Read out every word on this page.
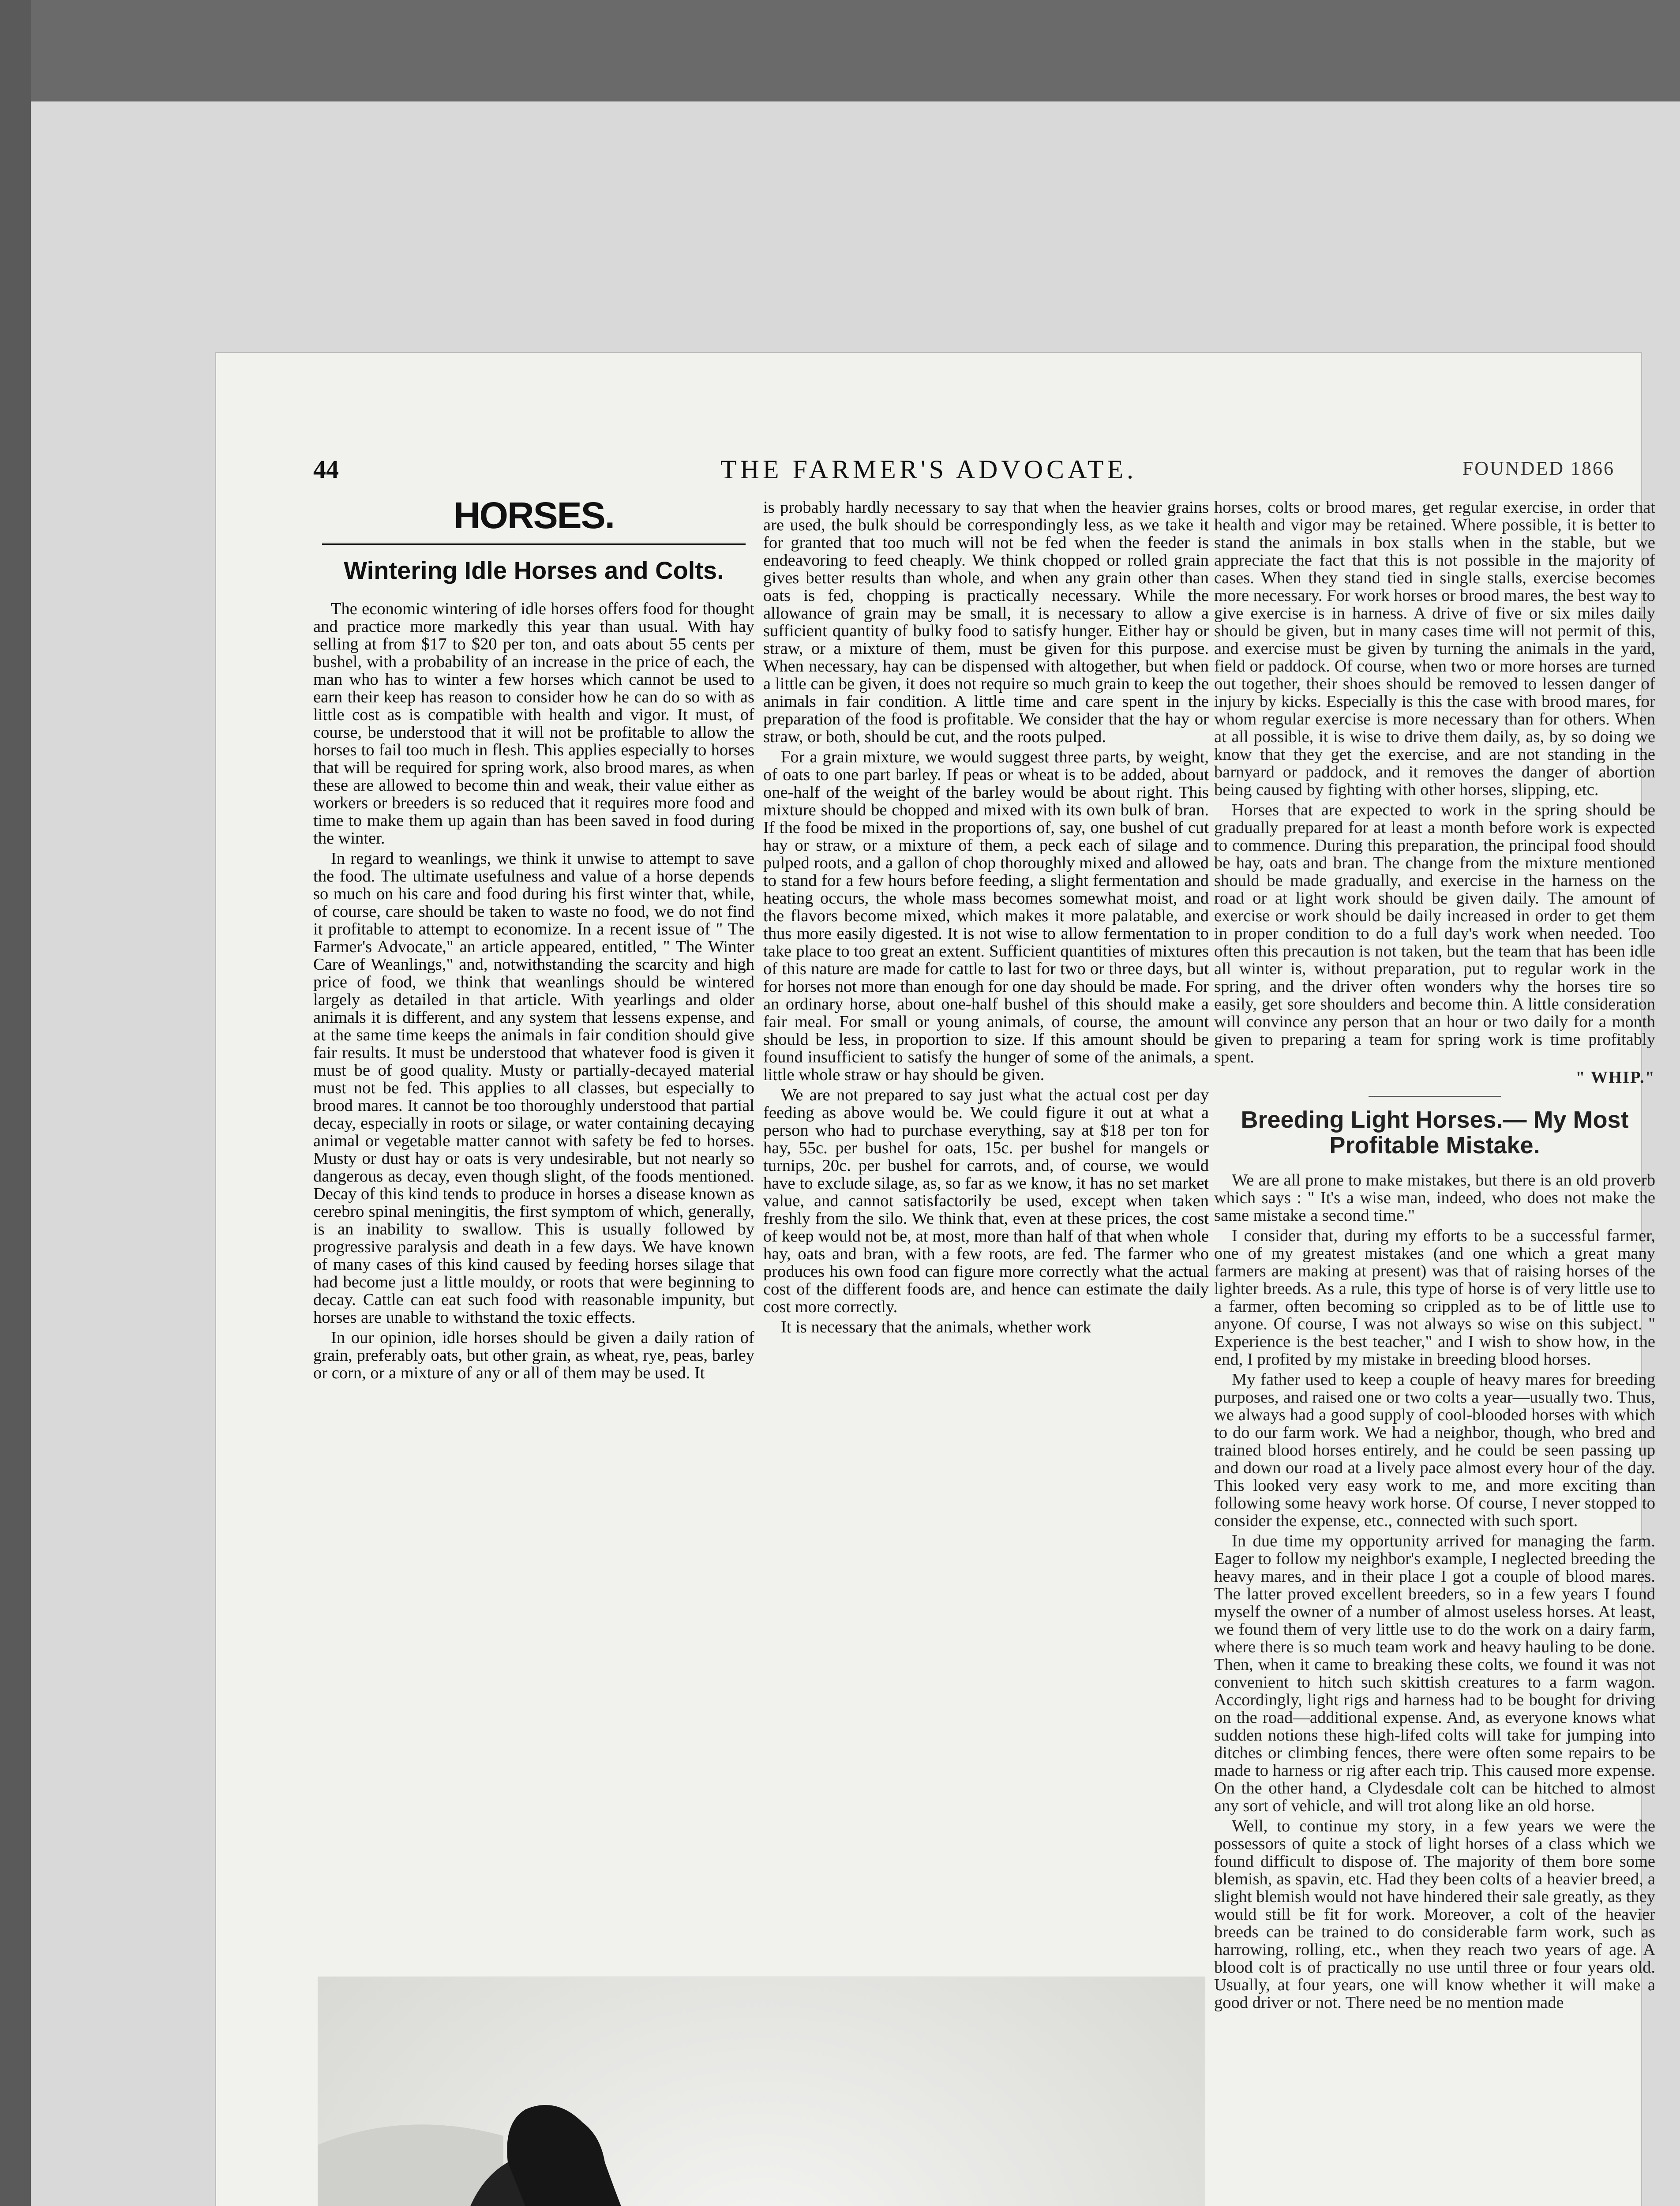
THE FARMER'S ADVOCATE.
44	FOUNDED 1866
HORSES.
Wintering Idle Horses and Colts.

The economic wintering of idle horses offers food for thought and practice more markedly this year than usual. With hay selling at from $17 to $20 per ton, and oats about 55 cents per bushel, with a probability of an increase in the price of each, the man who has to winter a few horses which cannot be used to earn their keep has reason to consider how he can do so with as little cost as is compatible with health and vigor. It must, of course, be understood that it will not be profitable to allow the horses to fail too much in flesh. This applies especially to horses that will be required for spring work, also brood mares, as when these are allowed to become thin and weak, their value either as workers or breeders is so reduced that it requires more food and time to make them up again than has been saved in food during the winter.

In regard to weanlings, we think it unwise to attempt to save the food. The ultimate usefulness and value of a horse depends so much on his care and food during his first winter that, while, of course, care should be taken to waste no food, we do not find it profitable to attempt to economize. In a recent issue of " The Farmer's Advocate," an article appeared, entitled, " The Winter Care of Weanlings," and, notwithstanding the scarcity and high price of food, we think that weanlings should be wintered largely as detailed in that article. With yearlings and older animals it is different, and any system that lessens expense, and at the same time keeps the animals in fair condition should give fair results. It must be understood that whatever food is given it must be of good quality. Musty or partially-decayed material must not be fed. This applies to all classes, but especially to brood mares. It cannot be too thoroughly understood that partial decay, especially in roots or silage, or water containing decaying animal or vegetable matter cannot with safety be fed to horses. Musty or dust hay or oats is very undesirable, but not nearly so dangerous as decay, even though slight, of the foods mentioned. Decay of this kind tends to produce in horses a disease known as cerebro spinal meningitis, the first symptom of which, generally, is an inability to swallow. This is usually followed by progressive paralysis and death in a few days. We have known of many cases of this kind caused by feeding horses silage that had become just a little mouldy, or roots that were beginning to decay. Cattle can eat such food with reasonable impunity, but horses are unable to withstand the toxic effects.

In our opinion, idle horses should be given a daily ration of grain, preferably oats, but other grain, as wheat, rye, peas, barley or corn, or a mixture of any or all of them may be used. It

is probably hardly necessary to say that when the heavier grains are used, the bulk should be correspondingly less, as we take it for granted that too much will not be fed when the feeder is endeavoring to feed cheaply. We think chopped or rolled grain gives better results than whole, and when any grain other than oats is fed, chopping is practically necessary. While the allowance of grain may be small, it is necessary to allow a sufficient quantity of bulky food to satisfy hunger. Either hay or straw, or a mixture of them, must be given for this purpose. When necessary, hay can be dispensed with altogether, but when a little can be given, it does not require so much grain to keep the animals in fair condition. A little time and care spent in the preparation of the food is profitable. We consider that the hay or straw, or both, should be cut, and the roots pulped.

For a grain mixture, we would suggest three parts, by weight, of oats to one part barley. If peas or wheat is to be added, about one-half of the weight of the barley would be about right. This mixture should be chopped and mixed with its own bulk of bran. If the food be mixed in the proportions of, say, one bushel of cut hay or straw, or a mixture of them, a peck each of silage and pulped roots, and a gallon of chop thoroughly mixed and allowed to stand for a few hours before feeding, a slight fermentation and heating occurs, the whole mass becomes somewhat moist, and the flavors become mixed, which makes it more palatable, and thus more easily digested. It is not wise to allow fermentation to take place to too great an extent. Sufficient quantities of mixtures of this nature are made for cattle to last for two or three days, but for horses not more than enough for one day should be made. For an ordinary horse, about one-half bushel of this should make a fair meal. For small or young animals, of course, the amount should be less, in proportion to size. If this amount should be found insufficient to satisfy the hunger of some of the animals, a little whole straw or hay should be given.

We are not prepared to say just what the actual cost per day feeding as above would be. We could figure it out at what a person who had to purchase everything, say at $18 per ton for hay, 55c. per bushel for oats, 15c. per bushel for mangels or turnips, 20c. per bushel for carrots, and, of course, we would have to exclude silage, as, so far as we know, it has no set market value, and cannot satisfactorily be used, except when taken freshly from the silo. We think that, even at these prices, the cost of keep would not be, at most, more than half of that when whole hay, oats and bran, with a few roots, are fed. The farmer who produces his own food can figure more correctly what the actual cost of the different foods are, and hence can estimate the daily cost more correctly.

It is necessary that the animals, whether work

horses, colts or brood mares, get regular exercise, in order that health and vigor may be retained. Where possible, it is better to stand the animals in box stalls when in the stable, but we appreciate the fact that this is not possible in the majority of cases. When they stand tied in single stalls, exercise becomes more necessary. For work horses or brood mares, the best way to give exercise is in harness. A drive of five or six miles daily should be given, but in many cases time will not permit of this, and exercise must be given by turning the animals in the yard, field or paddock. Of course, when two or more horses are turned out together, their shoes should be removed to lessen danger of injury by kicks. Especially is this the case with brood mares, for whom regular exercise is more necessary than for others. When at all possible, it is wise to drive them daily, as, by so doing we know that they get the exercise, and are not standing in the barnyard or paddock, and it removes the danger of abortion being caused by fighting with other horses, slipping, etc.

Horses that are expected to work in the spring should be gradually prepared for at least a month before work is expected to commence. During this preparation, the principal food should be hay, oats and bran. The change from the mixture mentioned should be made gradually, and exercise in the harness on the road or at light work should be given daily. The amount of exercise or work should be daily increased in order to get them in proper condition to do a full day's work when needed. Too often this precaution is not taken, but the team that has been idle all winter is, without preparation, put to regular work in the spring, and the driver often wonders why the horses tire so easily, get sore shoulders and become thin. A little consideration will convince any person that an hour or two daily for a month given to preparing a team for spring work is time profitably spent.

" WHIP."

Breeding Light Horses.— My Most Profitable Mistake.

We are all prone to make mistakes, but there is an old proverb which says : " It's a wise man, indeed, who does not make the same mistake a second time."

I consider that, during my efforts to be a successful farmer, one of my greatest mistakes (and one which a great many farmers are making at present) was that of raising horses of the lighter breeds. As a rule, this type of horse is of very little use to a farmer, often becoming so crippled as to be of little use to anyone. Of course, I was not always so wise on this subject. " Experience is the best teacher," and I wish to show how, in the end, I profited by my mistake in breeding blood horses.

My father used to keep a couple of heavy mares for breeding purposes, and raised one or two colts a year—usually two. Thus, we always had a good supply of cool-blooded horses with which to do our farm work. We had a neighbor, though, who bred and trained blood horses entirely, and he could be seen passing up and down our road at a lively pace almost every hour of the day. This looked very easy work to me, and more exciting than following some heavy work horse. Of course, I never stopped to consider the expense, etc., connected with such sport.

In due time my opportunity arrived for managing the farm. Eager to follow my neighbor's example, I neglected breeding the heavy mares, and in their place I got a couple of blood mares. The latter proved excellent breeders, so in a few years I found myself the owner of a number of almost useless horses. At least, we found them of very little use to do the work on a dairy farm, where there is so much team work and heavy hauling to be done. Then, when it came to breaking these colts, we found it was not convenient to hitch such skittish creatures to a farm wagon. Accordingly, light rigs and harness had to be bought for driving on the road—additional expense. And, as everyone knows what sudden notions these high-lifed colts will take for jumping into ditches or climbing fences, there were often some repairs to be made to harness or rig after each trip. This caused more expense. On the other hand, a Clydesdale colt can be hitched to almost any sort of vehicle, and will trot along like an old horse.

Well, to continue my story, in a few years we were the possessors of quite a stock of light horses of a class which we found difficult to dispose of. The majority of them bore some blemish, as spavin, etc. Had they been colts of a heavier breed, a slight blemish would not have hindered their sale greatly, as they would still be fit for work. Moreover, a colt of the heavier breeds can be trained to do considerable farm work, such as harrowing, rolling, etc., when they reach two years of age. A blood colt is of practically no use until three or four years old. Usually, at four years, one will know whether it will make a good driver or not. There need be no mention made
